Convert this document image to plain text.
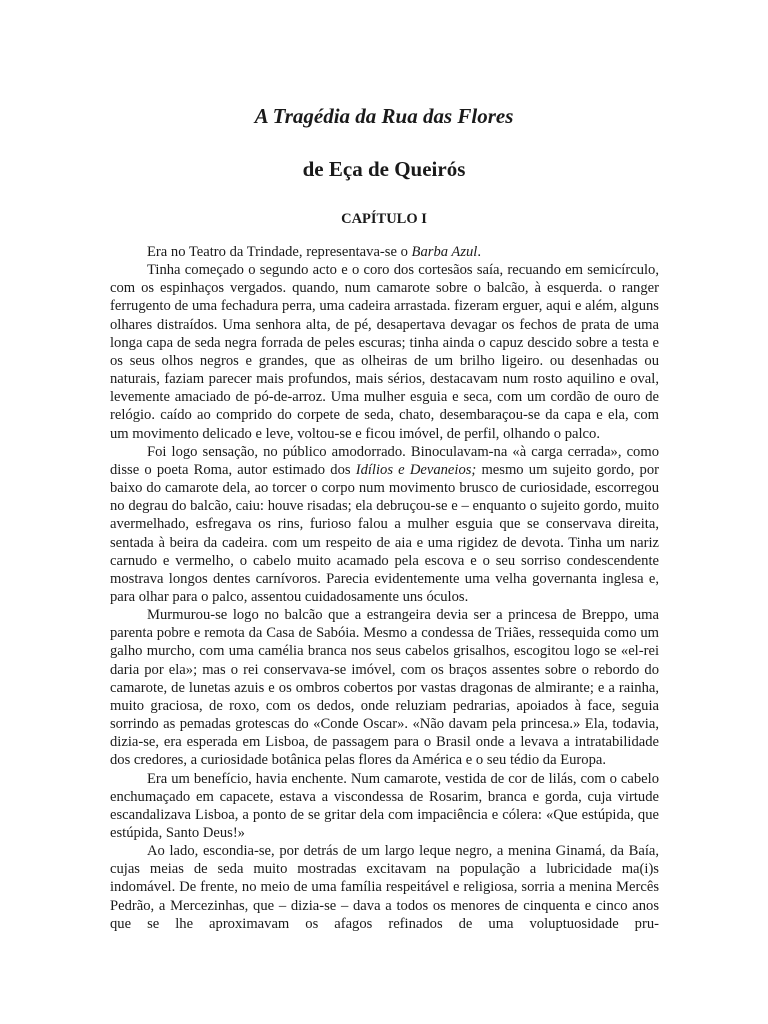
A Tragédia da Rua das Flores
de Eça de Queirós
CAPÍTULO I

Era no Teatro da Trindade, representava-se o Barba Azul.

Tinha começado o segundo acto e o coro dos cortesãos saía, recuando em semicírculo, com os espinhaços vergados. quando, num camarote sobre o balcão, à esquerda. o ranger ferrugento de uma fechadura perra, uma cadeira arrastada. fizeram erguer, aqui e além, alguns olhares distraídos. Uma senhora alta, de pé, desapertava devagar os fechos de prata de uma longa capa de seda negra forrada de peles escuras; tinha ainda o capuz descido sobre a testa e os seus olhos negros e grandes, que as olheiras de um brilho ligeiro. ou desenhadas ou naturais, faziam parecer mais profundos, mais sérios, destacavam num rosto aquilino e oval, levemente amaciado de pó-de-arroz. Uma mulher esguia e seca, com um cordão de ouro de relógio. caído ao comprido do corpete de seda, chato, desembaraçou-se da capa e ela, com um movimento delicado e leve, voltou-se e ficou imóvel, de perfil, olhando o palco.

Foi logo sensação, no público amodorrado. Binoculavam-na «à carga cerrada», como disse o poeta Roma, autor estimado dos Idílios e Devaneios; mesmo um sujeito gordo, por baixo do camarote dela, ao torcer o corpo num movimento brusco de curiosidade, escorregou no degrau do balcão, caiu: houve risadas; ela debruçou-se e – enquanto o sujeito gordo, muito avermelhado, esfregava os rins, furioso falou a mulher esguia que se conservava direita, sentada à beira da cadeira. com um respeito de aia e uma rigidez de devota. Tinha um nariz carnudo e vermelho, o cabelo muito acamado pela escova e o seu sorriso condescendente mostrava longos dentes carnívoros. Parecia evidentemente uma velha governanta inglesa e, para olhar para o palco, assentou cuidadosamente uns óculos.

Murmurou-se logo no balcão que a estrangeira devia ser a princesa de Breppo, uma parenta pobre e remota da Casa de Sabóia. Mesmo a condessa de Triães, ressequida como um galho murcho, com uma camélia branca nos seus cabelos grisalhos, escogitou logo se «el-rei daria por ela»; mas o rei conservava-se imóvel, com os braços assentes sobre o rebordo do camarote, de lunetas azuis e os ombros cobertos por vastas dragonas de almirante; e a rainha, muito graciosa, de roxo, com os dedos, onde reluziam pedrarias, apoiados à face, seguia sorrindo as pemadas grotescas do «Conde Oscar». «Não davam pela princesa.» Ela, todavia, dizia-se, era esperada em Lisboa, de passagem para o Brasil onde a levava a intratabilidade dos credores, a curiosidade botânica pelas flores da América e o seu tédio da Europa.

Era um benefício, havia enchente. Num camarote, vestida de cor de lilás, com o cabelo enchumaçado em capacete, estava a viscondessa de Rosarim, branca e gorda, cuja virtude escandalizava Lisboa, a ponto de se gritar dela com impaciência e cólera: «Que estúpida, que estúpida, Santo Deus!»

Ao lado, escondia-se, por detrás de um largo leque negro, a menina Ginamá, da Baía, cujas meias de seda muito mostradas excitavam na população a lubricidade ma(i)s indomável. De frente, no meio de uma família respeitável e religiosa, sorria a menina Mercês Pedrão, a Mercezinhas, que – dizia-se – dava a todos os menores de cinquenta e cinco anos que se lhe aproximavam os afagos refinados de uma voluptuosidade pru-
